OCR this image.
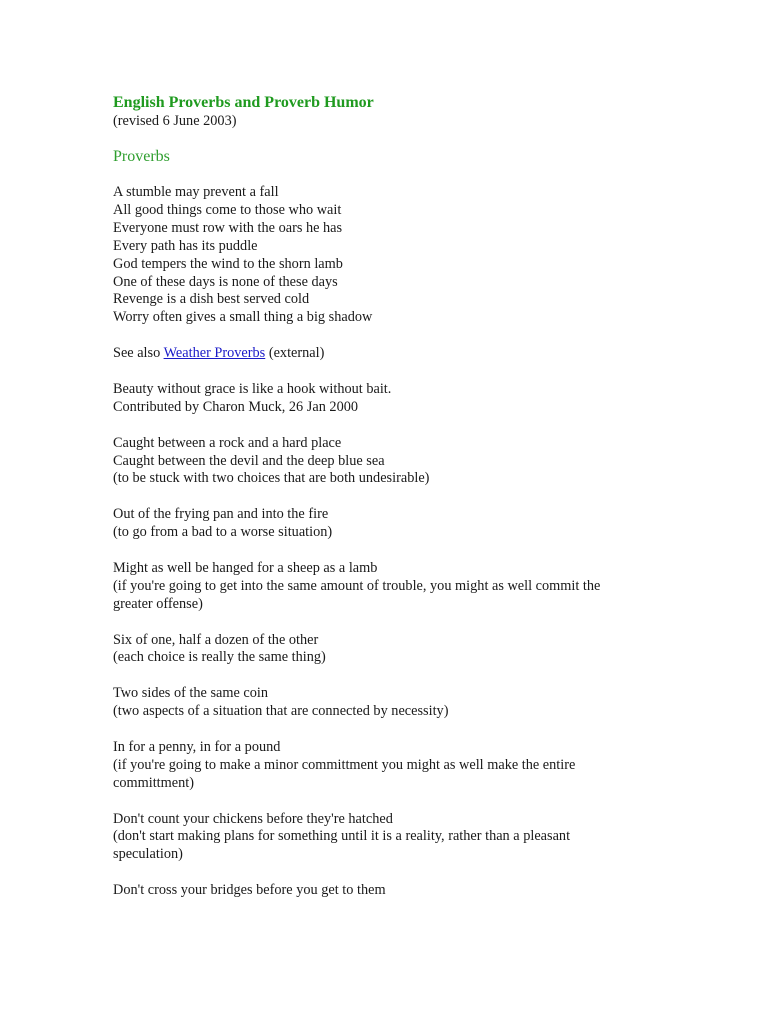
English Proverbs and Proverb Humor

(revised 6 June 2003)

Proverbs
A stumble may prevent a fall
All good things come to those who wait
Everyone must row with the oars he has
Every path has its puddle
God tempers the wind to the shorn lamb
One of these days is none of these days
Revenge is a dish best served cold
Worry often gives a small thing a big shadow
See also Weather Proverbs (external)
Beauty without grace is like a hook without bait.
Contributed by Charon Muck, 26 Jan 2000
Caught between a rock and a hard place
Caught between the devil and the deep blue sea
(to be stuck with two choices that are both undesirable)
Out of the frying pan and into the fire
(to go from a bad to a worse situation)
Might as well be hanged for a sheep as a lamb
(if you're going to get into the same amount of trouble, you might as well commit the
greater offense)
Six of one, half a dozen of the other
(each choice is really the same thing)
Two sides of the same coin
(two aspects of a situation that are connected by necessity)
In for a penny, in for a pound
(if you're going to make a minor committment you might as well make the entire
committment)
Don't count your chickens before they're hatched
(don't start making plans for something until it is a reality, rather than a pleasant
speculation)
Don't cross your bridges before you get to them
